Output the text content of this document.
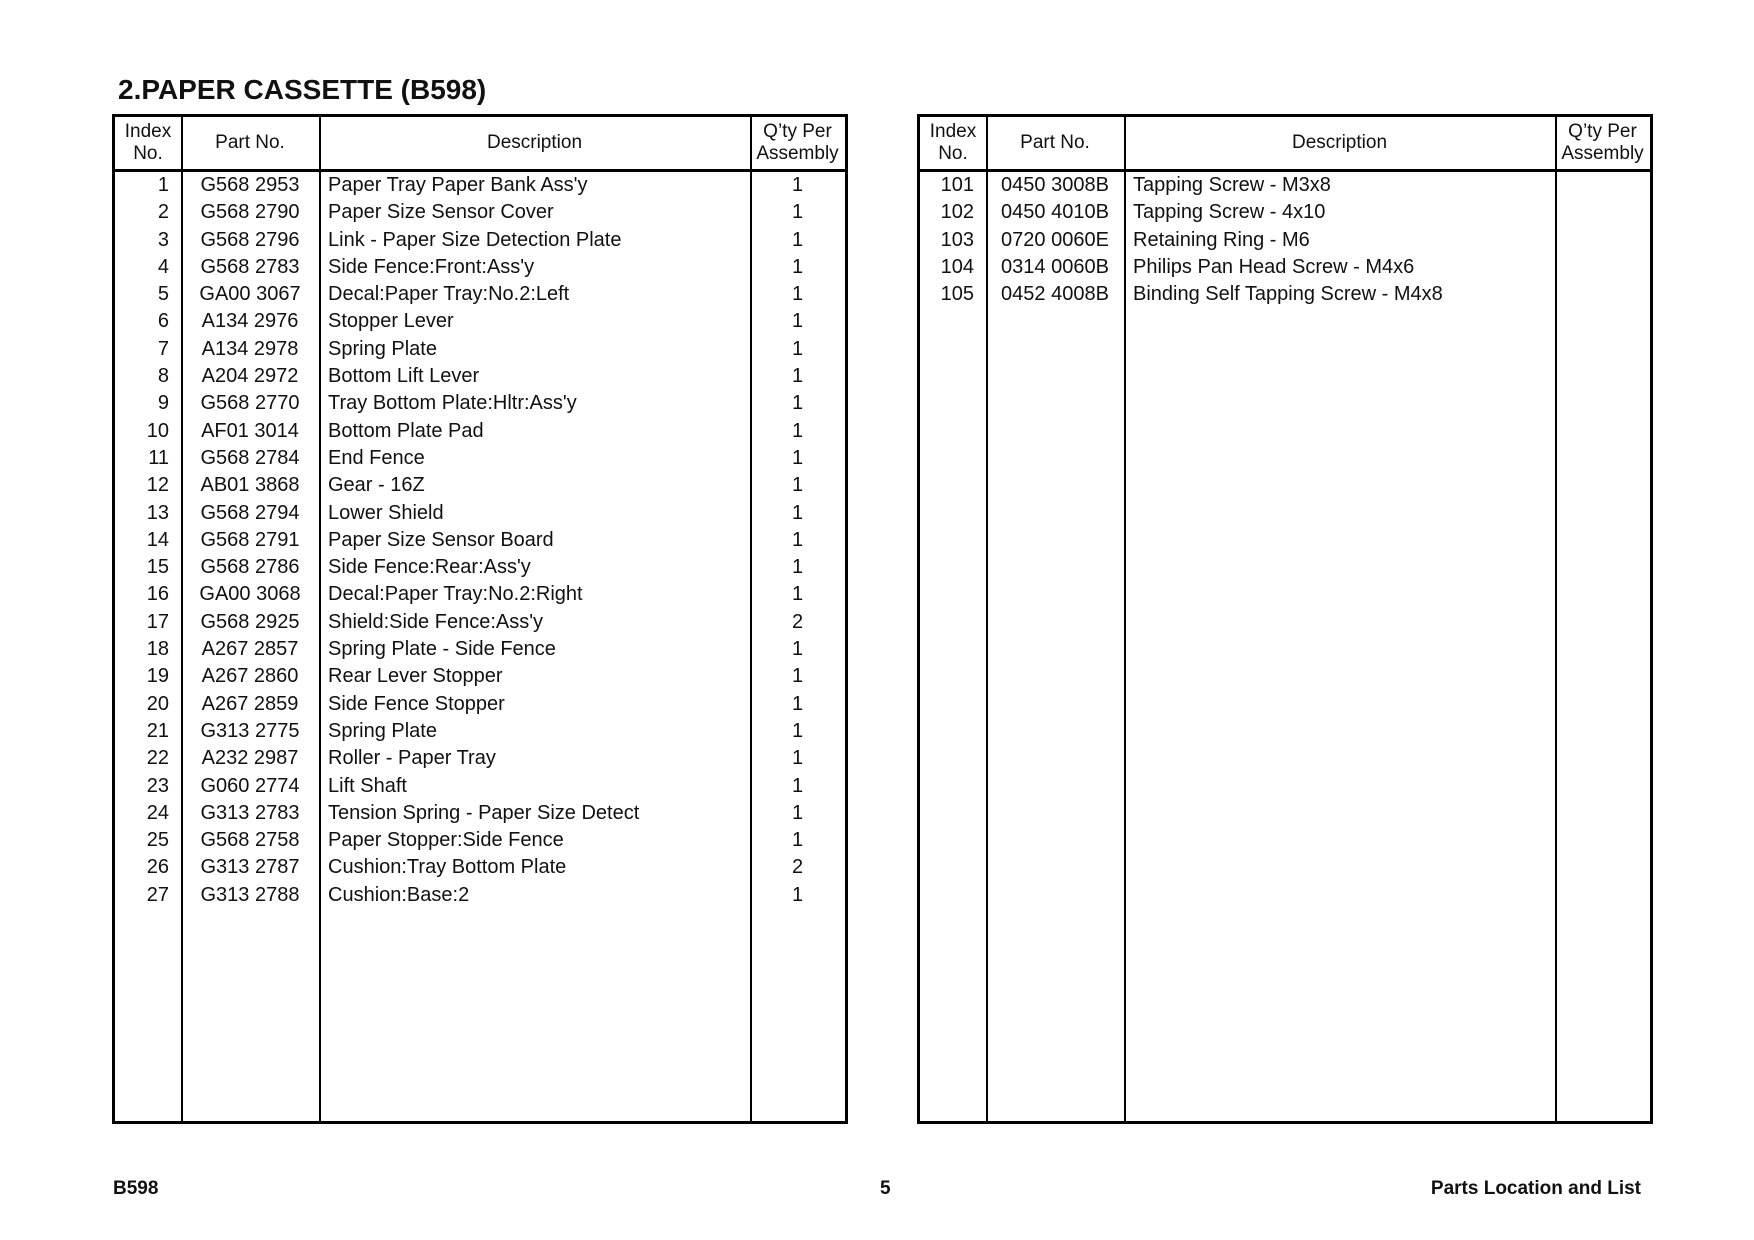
2.PAPER CASSETTE (B598)
Index
No.
Part No.	Description
Q’ty Per
Assembly
1	G568 2953	Paper Tray Paper Bank Ass'y	1
2	G568 2790	Paper Size Sensor Cover	1
3	G568 2796	Link - Paper Size Detection Plate	1
4	G568 2783	Side Fence:Front:Ass'y	1
5	GA00 3067	Decal:Paper Tray:No.2:Left	1
6	A134 2976	Stopper Lever	1
7	A134 2978	Spring Plate	1
8	A204 2972	Bottom Lift Lever	1
9	G568 2770	Tray Bottom Plate:Hltr:Ass'y	1
10	AF01 3014	Bottom Plate Pad	1
11	G568 2784	End Fence	1
12	AB01 3868	Gear - 16Z	1
13	G568 2794	Lower Shield	1
14	G568 2791	Paper Size Sensor Board	1
15	G568 2786	Side Fence:Rear:Ass'y	1
16	GA00 3068	Decal:Paper Tray:No.2:Right	1
17	G568 2925	Shield:Side Fence:Ass'y	2
18	A267 2857	Spring Plate - Side Fence	1
19	A267 2860	Rear Lever Stopper	1
20	A267 2859	Side Fence Stopper	1
21	G313 2775	Spring Plate	1
22	A232 2987	Roller - Paper Tray	1
23	G060 2774	Lift Shaft	1
24	G313 2783	Tension Spring - Paper Size Detect	1
25	G568 2758	Paper Stopper:Side Fence	1
26	G313 2787	Cushion:Tray Bottom Plate	2
27	G313 2788	Cushion:Base:2	1
Index
No.
Part No.	Description
Q’ty Per
Assembly
101	0450 3008B	Tapping Screw - M3x8
102	0450 4010B	Tapping Screw - 4x10
103	0720 0060E	Retaining Ring - M6
104	0314 0060B	Philips Pan Head Screw - M4x6
105	0452 4008B	Binding Self Tapping Screw - M4x8
B598	5	Parts Location and List
